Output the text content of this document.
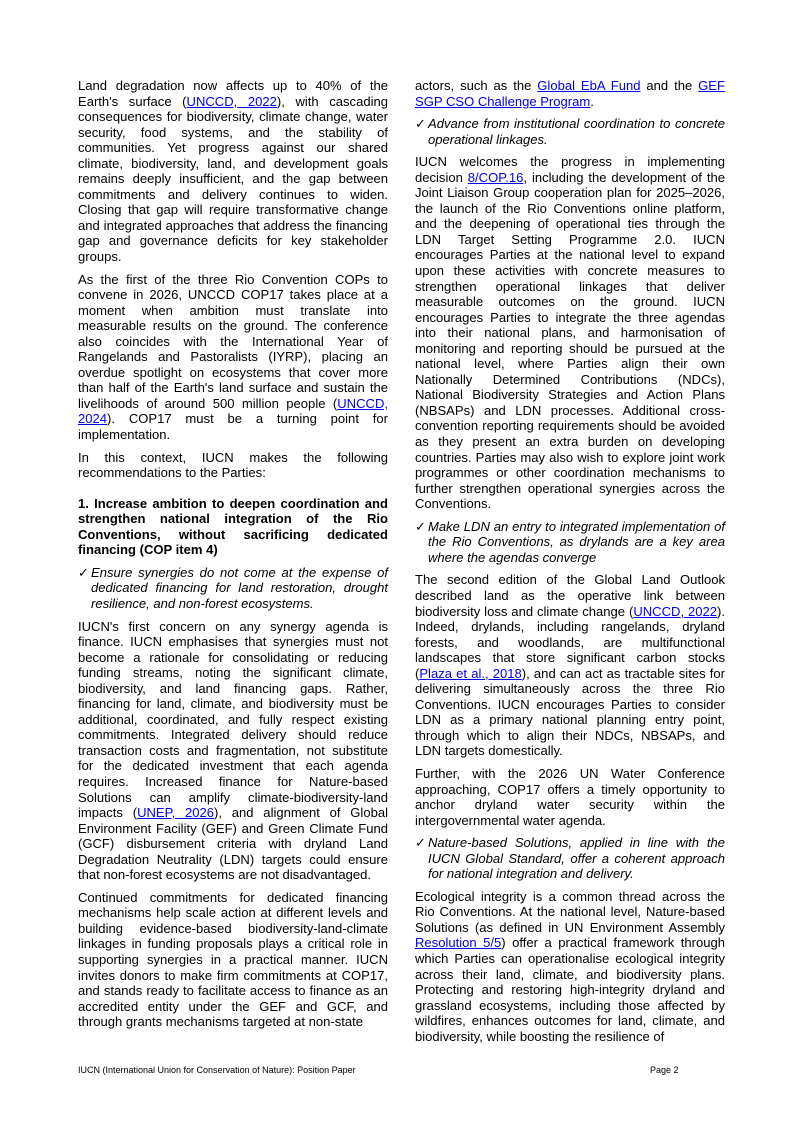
Land degradation now affects up to 40% of the Earth's surface (UNCCD, 2022), with cascading consequences for biodiversity, climate change, water security, food systems, and the stability of communities. Yet progress against our shared climate, biodiversity, land, and development goals remains deeply insufficient, and the gap between commitments and delivery continues to widen. Closing that gap will require transformative change and integrated approaches that address the financing gap and governance deficits for key stakeholder groups.

As the first of the three Rio Convention COPs to convene in 2026, UNCCD COP17 takes place at a moment when ambition must translate into measurable results on the ground. The conference also coincides with the International Year of Rangelands and Pastoralists (IYRP), placing an overdue spotlight on ecosystems that cover more than half of the Earth's land surface and sustain the livelihoods of around 500 million people (UNCCD, 2024). COP17 must be a turning point for implementation.

In this context, IUCN makes the following recommendations to the Parties:

1. Increase ambition to deepen coordination and strengthen national integration of the Rio Conventions, without sacrificing dedicated financing (COP item 4)
✓ Ensure synergies do not come at the expense of dedicated financing for land restoration, drought resilience, and non-forest ecosystems.

IUCN's first concern on any synergy agenda is finance. IUCN emphasises that synergies must not become a rationale for consolidating or reducing funding streams, noting the significant climate, biodiversity, and land financing gaps. Rather, financing for land, climate, and biodiversity must be additional, coordinated, and fully respect existing commitments. Integrated delivery should reduce transaction costs and fragmentation, not substitute for the dedicated investment that each agenda requires. Increased finance for Nature-based Solutions can amplify climate-biodiversity-land impacts (UNEP, 2026), and alignment of Global Environment Facility (GEF) and Green Climate Fund (GCF) disbursement criteria with dryland Land Degradation Neutrality (LDN) targets could ensure that non-forest ecosystems are not disadvantaged.

Continued commitments for dedicated financing mechanisms help scale action at different levels and building evidence-based biodiversity-land-climate linkages in funding proposals plays a critical role in supporting synergies in a practical manner. IUCN invites donors to make firm commitments at COP17, and stands ready to facilitate access to finance as an accredited entity under the GEF and GCF, and through grants mechanisms targeted at non-state

actors, such as the Global EbA Fund and the GEF SGP CSO Challenge Program.

✓ Advance from institutional coordination to concrete operational linkages.

IUCN welcomes the progress in implementing decision 8/COP.16, including the development of the Joint Liaison Group cooperation plan for 2025–2026, the launch of the Rio Conventions online platform, and the deepening of operational ties through the LDN Target Setting Programme 2.0. IUCN encourages Parties at the national level to expand upon these activities with concrete measures to strengthen operational linkages that deliver measurable outcomes on the ground. IUCN encourages Parties to integrate the three agendas into their national plans, and harmonisation of monitoring and reporting should be pursued at the national level, where Parties align their own Nationally Determined Contributions (NDCs), National Biodiversity Strategies and Action Plans (NBSAPs) and LDN processes. Additional cross-convention reporting requirements should be avoided as they present an extra burden on developing countries. Parties may also wish to explore joint work programmes or other coordination mechanisms to further strengthen operational synergies across the Conventions.

✓ Make LDN an entry to integrated implementation of the Rio Conventions, as drylands are a key area where the agendas converge

The second edition of the Global Land Outlook described land as the operative link between biodiversity loss and climate change (UNCCD, 2022). Indeed, drylands, including rangelands, dryland forests, and woodlands, are multifunctional landscapes that store significant carbon stocks (Plaza et al., 2018), and can act as tractable sites for delivering simultaneously across the three Rio Conventions. IUCN encourages Parties to consider LDN as a primary national planning entry point, through which to align their NDCs, NBSAPs, and LDN targets domestically.

Further, with the 2026 UN Water Conference approaching, COP17 offers a timely opportunity to anchor dryland water security within the intergovernmental water agenda.

✓ Nature-based Solutions, applied in line with the IUCN Global Standard, offer a coherent approach for national integration and delivery.

Ecological integrity is a common thread across the Rio Conventions. At the national level, Nature-based Solutions (as defined in UN Environment Assembly Resolution 5/5) offer a practical framework through which Parties can operationalise ecological integrity across their land, climate, and biodiversity plans. Protecting and restoring high-integrity dryland and grassland ecosystems, including those affected by wildfires, enhances outcomes for land, climate, and biodiversity, while boosting the resilience of

IUCN (International Union for Conservation of Nature): Position Paper	Page 2
